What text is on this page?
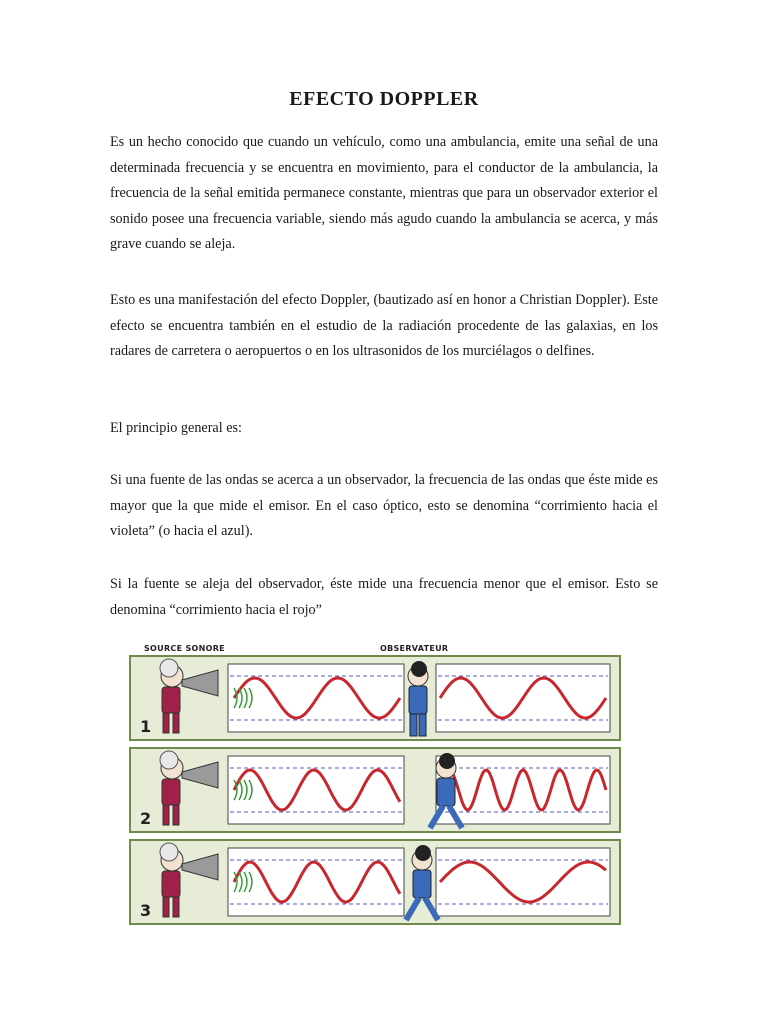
EFECTO DOPPLER

Es un hecho conocido que cuando un vehículo, como una ambulancia, emite una señal de una determinada frecuencia y se encuentra en movimiento, para el conductor de la ambulancia, la frecuencia de la señal emitida permanece constante, mientras que para un observador exterior el sonido posee una frecuencia variable, siendo más agudo cuando la ambulancia se acerca, y más grave cuando se aleja.

Esto es una manifestación del efecto Doppler, (bautizado así en honor a Christian Doppler). Este efecto se encuentra también en el estudio de la radiación procedente de las galaxias, en los radares de carretera o aeropuertos o en los ultrasonidos de los murciélagos o delfines.

El principio general es:

Si una fuente de las ondas se acerca a un observador, la frecuencia de las ondas que éste mide es mayor que la que mide el emisor. En el caso óptico, esto se denomina “corrimiento hacia el violeta” (o hacia el azul).

Si la fuente se aleja del observador, éste mide una frecuencia menor que el emisor. Esto se denomina “corrimiento hacia el rojo”

SOURCE SONORE	OBSERVATEUR
1
2
3
